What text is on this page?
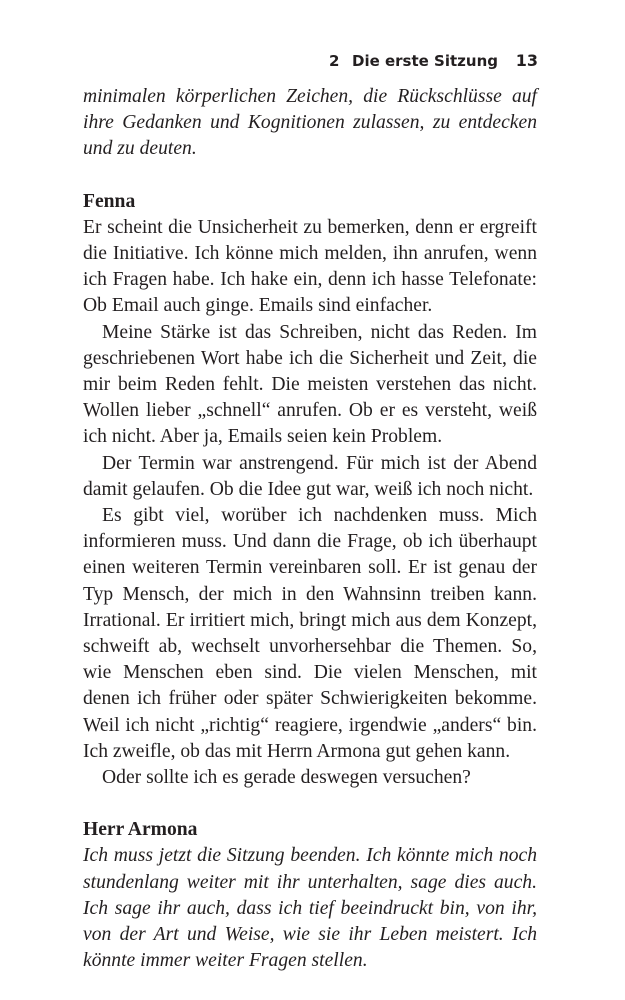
2 Die erste Sitzung 13

minimalen körperlichen Zeichen, die Rückschlüsse auf ihre Gedanken und Kognitionen zulassen, zu entdecken und zu deuten.

Fenna

Er scheint die Unsicherheit zu bemerken, denn er ergreift die Initiative. Ich könne mich melden, ihn anrufen, wenn ich Fragen habe. Ich hake ein, denn ich hasse Telefonate: Ob Email auch ginge. Emails sind einfacher.

Meine Stärke ist das Schreiben, nicht das Reden. Im geschriebenen Wort habe ich die Sicherheit und Zeit, die mir beim Reden fehlt. Die meisten verstehen das nicht. Wollen lieber „schnell“ anrufen. Ob er es versteht, weiß ich nicht. Aber ja, Emails seien kein Problem.

Der Termin war anstrengend. Für mich ist der Abend damit gelaufen. Ob die Idee gut war, weiß ich noch nicht.

Es gibt viel, worüber ich nachdenken muss. Mich informieren muss. Und dann die Frage, ob ich überhaupt einen weiteren Termin vereinbaren soll. Er ist genau der Typ Mensch, der mich in den Wahnsinn treiben kann. Irrational. Er irritiert mich, bringt mich aus dem Konzept, schweift ab, wechselt unvorhersehbar die Themen. So, wie Menschen eben sind. Die vielen Menschen, mit denen ich früher oder später Schwierigkeiten bekomme. Weil ich nicht „richtig“ reagiere, irgendwie „anders“ bin. Ich zweifle, ob das mit Herrn Armona gut gehen kann.

Oder sollte ich es gerade deswegen versuchen?

Herr Armona

Ich muss jetzt die Sitzung beenden. Ich könnte mich noch stundenlang weiter mit ihr unterhalten, sage dies auch. Ich sage ihr auch, dass ich tief beeindruckt bin, von ihr, von der Art und Weise, wie sie ihr Leben meistert. Ich könnte immer weiter Fragen stellen.
